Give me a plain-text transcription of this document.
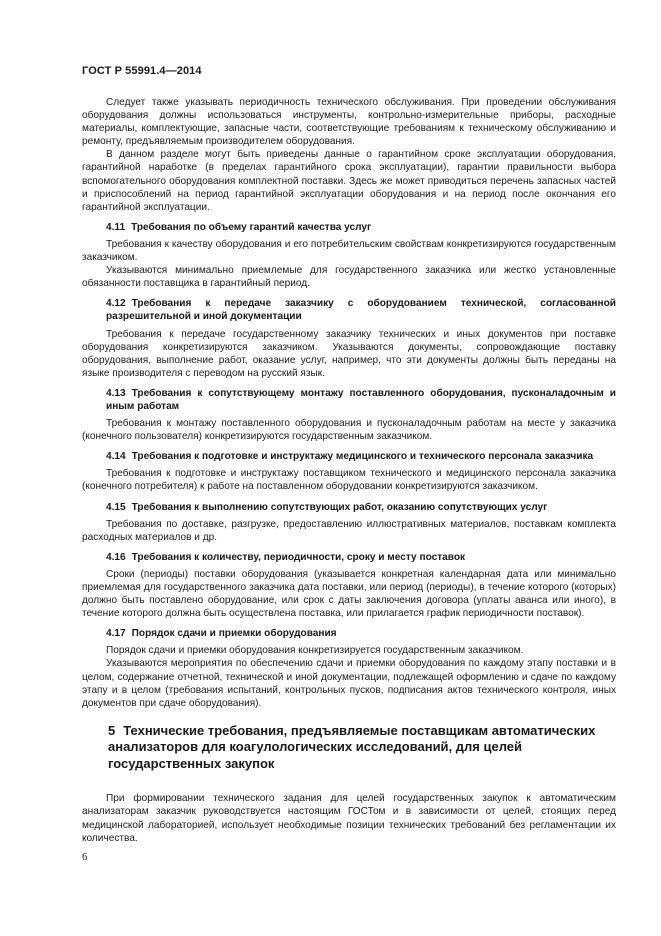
ГОСТ Р 55991.4—2014

Следует также указывать периодичность технического обслуживания. При проведении обслуживания оборудования должны использоваться инструменты, контрольно-измерительные приборы, расходные материалы, комплектующие, запасные части, соответствующие требованиям к техническому обслуживанию и ремонту, предъявляемым производителем оборудования.

В данном разделе могут быть приведены данные о гарантийном сроке эксплуатации оборудования, гарантийной наработке (в пределах гарантийного срока эксплуатации), гарантии правильности выбора вспомогательного оборудования комплектной поставки. Здесь же может приводиться перечень запасных частей и приспособлений на период гарантийной эксплуатации оборудования и на период после окончания его гарантийной эксплуатации.

4.11 Требования по объему гарантий качества услуг

Требования к качеству оборудования и его потребительским свойствам конкретизируются государственным заказчиком.

Указываются минимально приемлемые для государственного заказчика или жестко установленные обязанности поставщика в гарантийный период.

4.12 Требования к передаче заказчику с оборудованием технической, согласованной разрешительной и иной документации

Требования к передаче государственному заказчику технических и иных документов при поставке оборудования конкретизируются заказчиком. Указываются документы, сопровождающие поставку оборудования, выполнение работ, оказание услуг, например, что эти документы должны быть переданы на языке производителя с переводом на русский язык.

4.13 Требования к сопутствующему монтажу поставленного оборудования, пусконаладочным и иным работам

Требования к монтажу поставленного оборудования и пусконаладочным работам на месте у заказчика (конечного пользователя) конкретизируются государственным заказчиком.

4.14 Требования к подготовке и инструктажу медицинского и технического персонала заказчика

Требования к подготовке и инструктажу поставщиком технического и медицинского персонала заказчика (конечного потребителя) к работе на поставленном оборудовании конкретизируются заказчиком.

4.15 Требования к выполнению сопутствующих работ, оказанию сопутствующих услуг

Требования по доставке, разгрузке, предоставлению иллюстративных материалов, поставкам комплекта расходных материалов и др.

4.16 Требования к количеству, периодичности, сроку и месту поставок

Сроки (периоды) поставки оборудования (указывается конкретная календарная дата или минимально приемлемая для государственного заказчика дата поставки, или период (периоды), в течение которого (которых) должно быть поставлено оборудование, или срок с даты заключения договора (уплаты аванса или иного), в течение которого должна быть осуществлена поставка, или прилагается график периодичности поставок).

4.17 Порядок сдачи и приемки оборудования

Порядок сдачи и приемки оборудования конкретизируется государственным заказчиком.

Указываются мероприятия по обеспечению сдачи и приемки оборудования по каждому этапу поставки и в целом, содержание отчетной, технической и иной документации, подлежащей оформлению и сдаче по каждому этапу и в целом (требования испытаний, контрольных пусков, подписания актов технического контроля, иных документов при сдаче оборудования).

5 Технические требования, предъявляемые поставщикам автоматических анализаторов для коагулологических исследований, для целей государственных закупок

При формировании технического задания для целей государственных закупок к автоматическим анализаторам заказчик руководствуется настоящим ГОСТом и в зависимости от целей, стоящих перед медицинской лабораторией, использует необходимые позиции технических требований без регламентации их количества.

6
